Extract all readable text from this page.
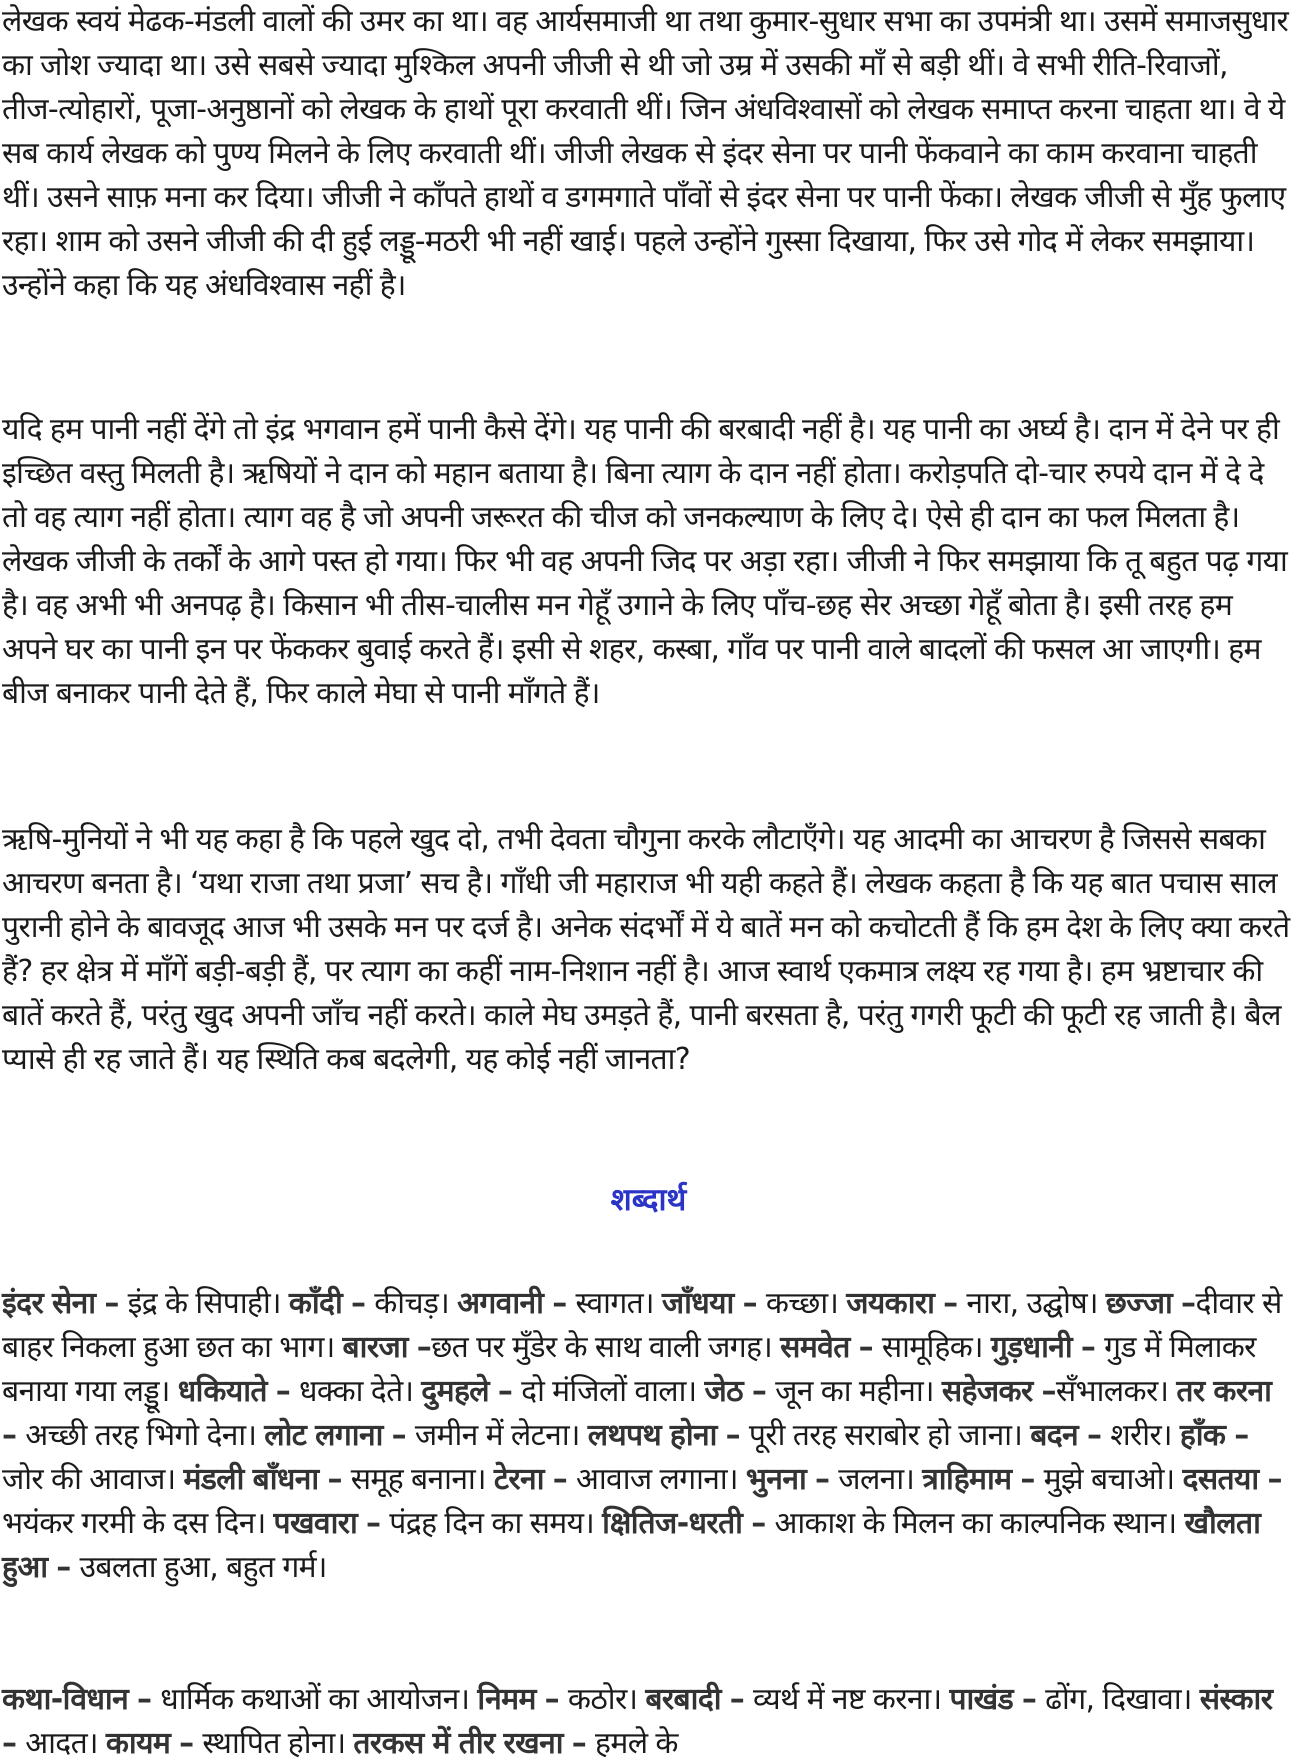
लेखक स्वयं मेढक-मंडली वालों की उमर का था। वह आर्यसमाजी था तथा कुमार-सुधार सभा का उपमंत्री था। उसमें समाजसुधार का जोश ज्यादा था। उसे सबसे ज्यादा मुश्किल अपनी जीजी से थी जो उम्र में उसकी माँ से बड़ी थीं। वे सभी रीति-रिवाजों, तीज-त्योहारों, पूजा-अनुष्ठानों को लेखक के हाथों पूरा करवाती थीं। जिन अंधविश्वासों को लेखक समाप्त करना चाहता था। वे ये सब कार्य लेखक को पुण्य मिलने के लिए करवाती थीं। जीजी लेखक से इंदर सेना पर पानी फेंकवाने का काम करवाना चाहती थीं। उसने साफ़ मना कर दिया। जीजी ने काँपते हाथों व डगमगाते पाँवों से इंदर सेना पर पानी फेंका। लेखक जीजी से मुँह फुलाए रहा। शाम को उसने जीजी की दी हुई लड्डू-मठरी भी नहीं खाई। पहले उन्होंने गुस्सा दिखाया, फिर उसे गोद में लेकर समझाया। उन्होंने कहा कि यह अंधविश्वास नहीं है।

यदि हम पानी नहीं देंगे तो इंद्र भगवान हमें पानी कैसे देंगे। यह पानी की बरबादी नहीं है। यह पानी का अर्घ्य है। दान में देने पर ही इच्छित वस्तु मिलती है। ऋषियों ने दान को महान बताया है। बिना त्याग के दान नहीं होता। करोड़पति दो-चार रुपये दान में दे दे तो वह त्याग नहीं होता। त्याग वह है जो अपनी जरूरत की चीज को जनकल्याण के लिए दे। ऐसे ही दान का फल मिलता है। लेखक जीजी के तर्कों के आगे पस्त हो गया। फिर भी वह अपनी जिद पर अड़ा रहा। जीजी ने फिर समझाया कि तू बहुत पढ़ गया है। वह अभी भी अनपढ़ है। किसान भी तीस-चालीस मन गेहूँ उगाने के लिए पाँच-छह सेर अच्छा गेहूँ बोता है। इसी तरह हम अपने घर का पानी इन पर फेंककर बुवाई करते हैं। इसी से शहर, कस्बा, गाँव पर पानी वाले बादलों की फसल आ जाएगी। हम बीज बनाकर पानी देते हैं, फिर काले मेघा से पानी माँगते हैं।

ऋषि-मुनियों ने भी यह कहा है कि पहले खुद दो, तभी देवता चौगुना करके लौटाएँगे। यह आदमी का आचरण है जिससे सबका आचरण बनता है। ‘यथा राजा तथा प्रजा’ सच है। गाँधी जी महाराज भी यही कहते हैं। लेखक कहता है कि यह बात पचास साल पुरानी होने के बावजूद आज भी उसके मन पर दर्ज है। अनेक संदर्भों में ये बातें मन को कचोटती हैं कि हम देश के लिए क्या करते हैं? हर क्षेत्र में माँगें बड़ी-बड़ी हैं, पर त्याग का कहीं नाम-निशान नहीं है। आज स्वार्थ एकमात्र लक्ष्य रह गया है। हम भ्रष्टाचार की बातें करते हैं, परंतु खुद अपनी जाँच नहीं करते। काले मेघ उमड़ते हैं, पानी बरसता है, परंतु गगरी फूटी की फूटी रह जाती है। बैल प्यासे ही रह जाते हैं। यह स्थिति कब बदलेगी, यह कोई नहीं जानता?

शब्दार्थ

इंदर सेना – इंद्र के सिपाही। काँदी – कीचड़। अगवानी – स्वागत। जाँधया – कच्छा। जयकारा – नारा, उद्घोष। छज्जा –दीवार से बाहर निकला हुआ छत का भाग। बारजा –छत पर मुँडेर के साथ वाली जगह। समवेत – सामूहिक। गुड़धानी – गुड में मिलाकर बनाया गया लड्डू। धकियाते – धक्का देते। दुमहले – दो मंजिलों वाला। जेठ – जून का महीना। सहेजकर –सँभालकर। तर करना – अच्छी तरह भिगो देना। लोट लगाना – जमीन में लेटना। लथपथ होना – पूरी तरह सराबोर हो जाना। बदन – शरीर। हाँक – जोर की आवाज। मंडली बाँधना – समूह बनाना। टेरना – आवाज लगाना। भुनना – जलना। त्राहिमाम – मुझे बचाओ। दसतया – भयंकर गरमी के दस दिन। पखवारा – पंद्रह दिन का समय। क्षितिज-धरती – आकाश के मिलन का काल्पनिक स्थान। खौलता हुआ – उबलता हुआ, बहुत गर्म।

कथा-विधान – धार्मिक कथाओं का आयोजन। निमम – कठोर। बरबादी – व्यर्थ में नष्ट करना। पाखंड – ढोंग, दिखावा। संस्कार – आदत। कायम – स्थापित होना। तरकस में तीर रखना – हमले के
